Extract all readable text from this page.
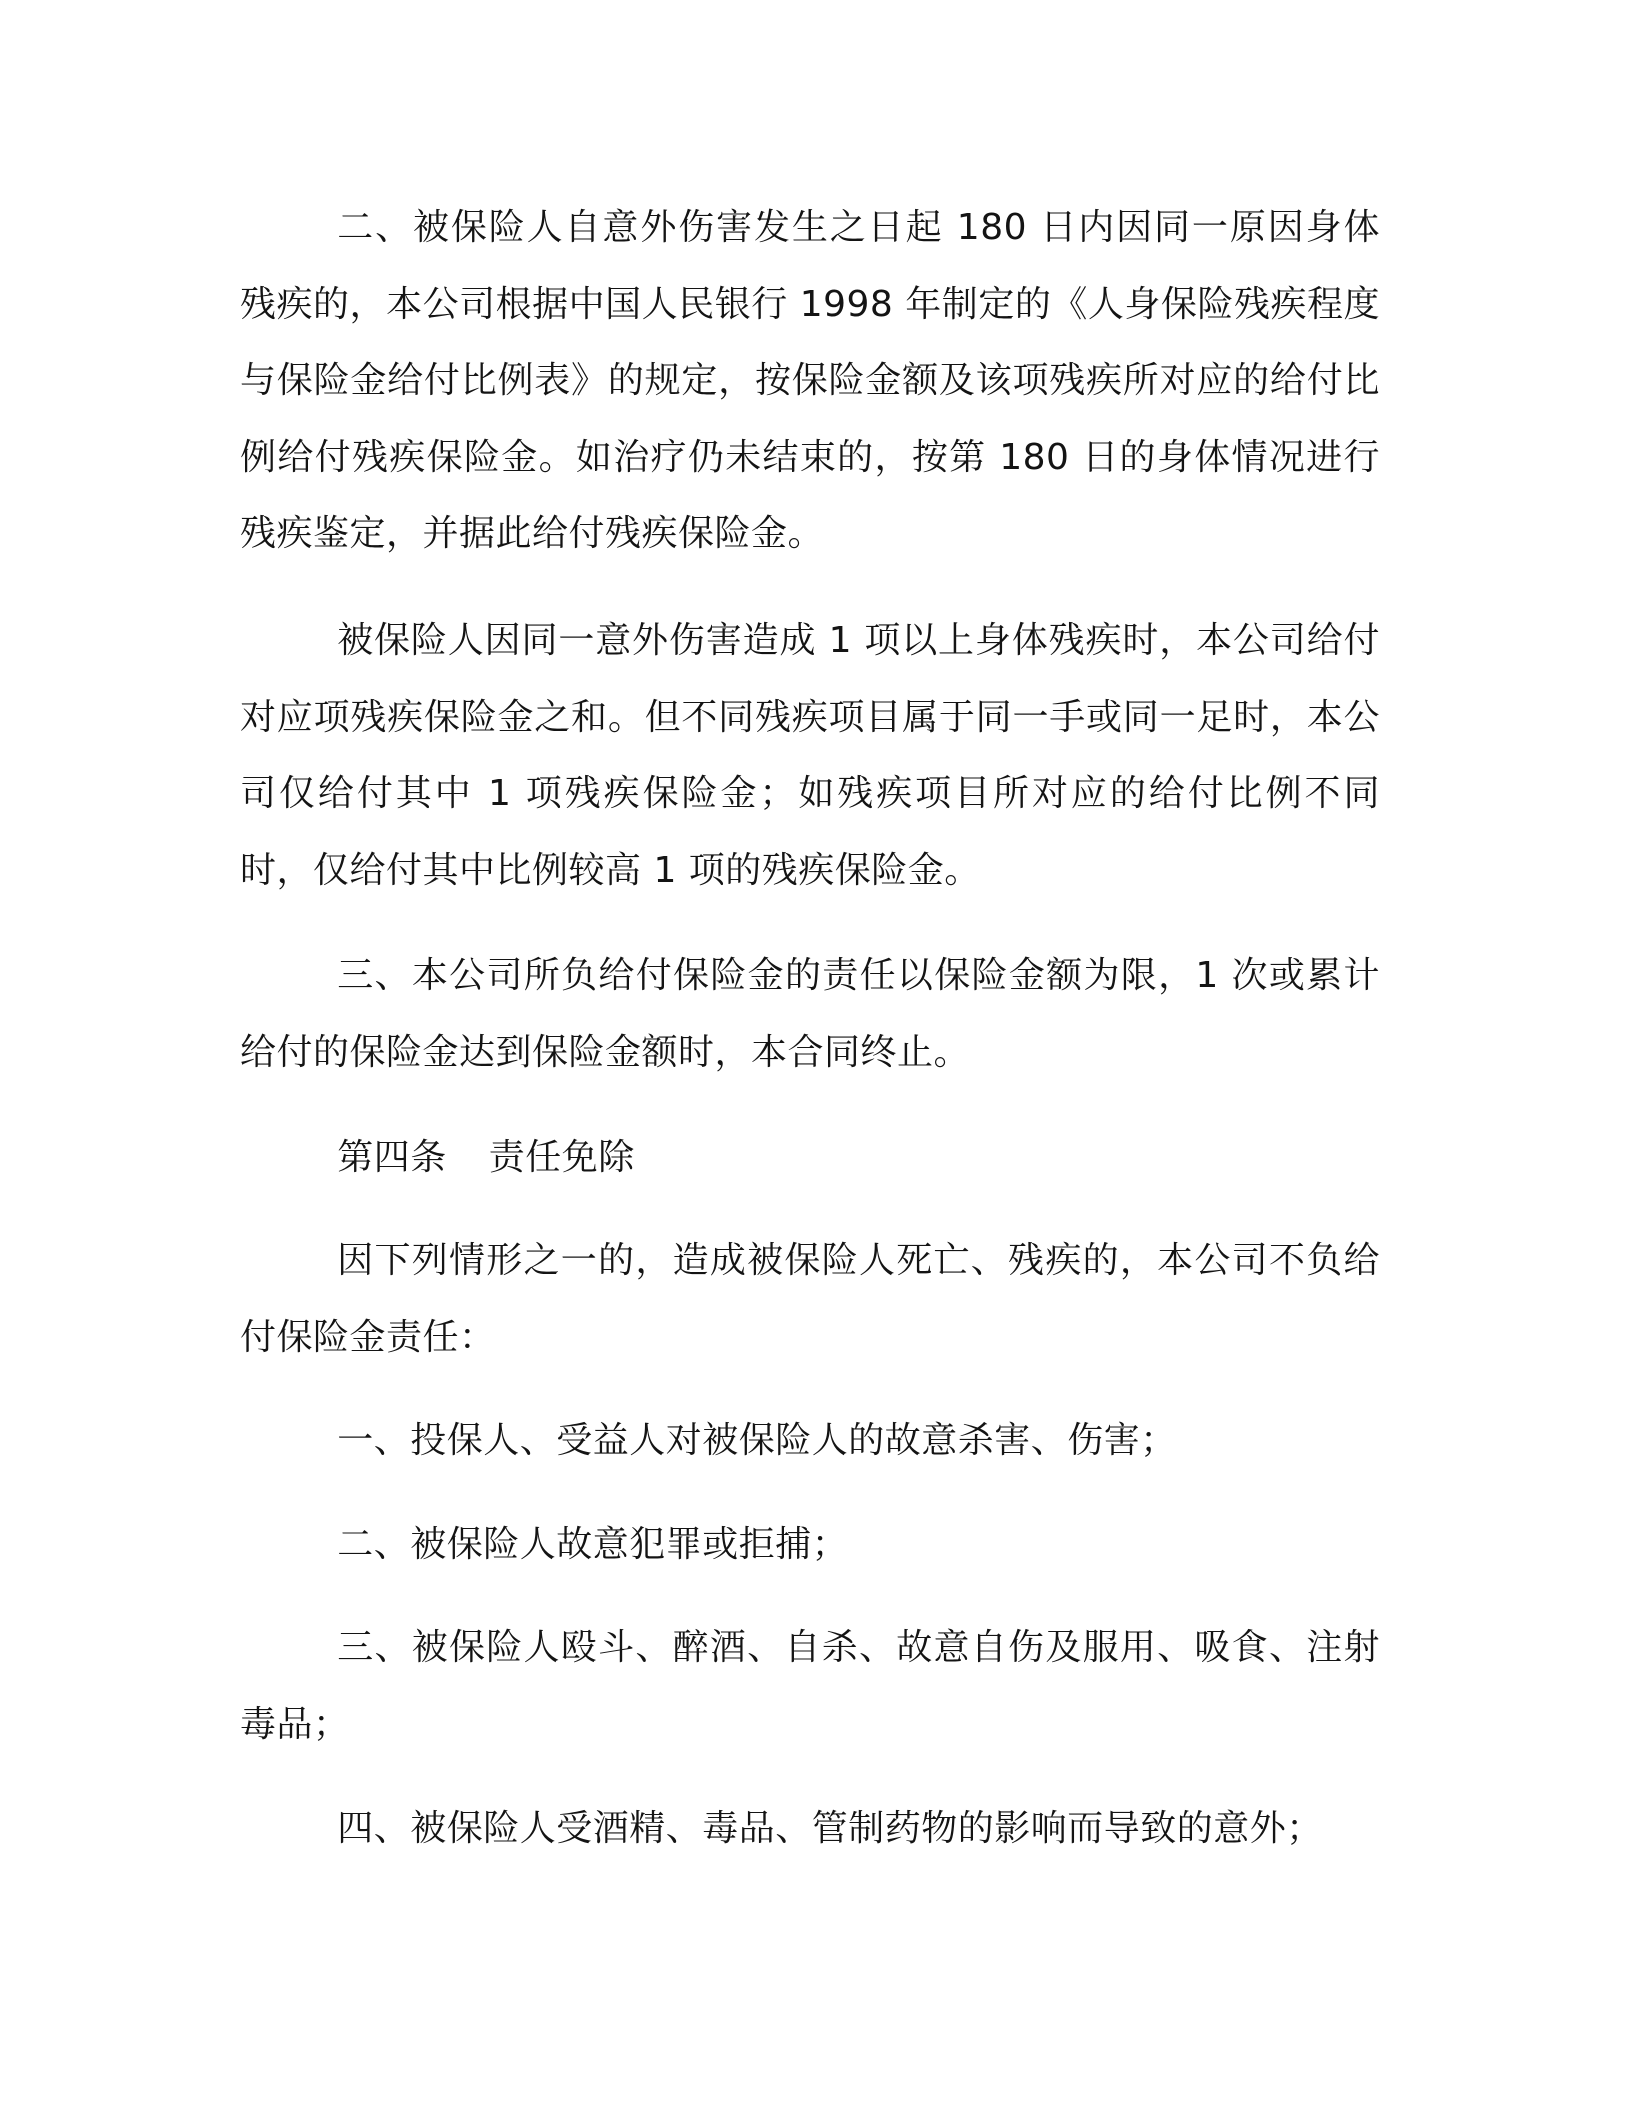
二、被保险人自意外伤害发生之日起 180 日内因同一原因身体残疾的，本公司根据中国人民银行 1998 年制定的《人身保险残疾程度与保险金给付比例表》的规定，按保险金额及该项残疾所对应的给付比例给付残疾保险金。如治疗仍未结束的，按第 180 日的身体情况进行残疾鉴定，并据此给付残疾保险金。

被保险人因同一意外伤害造成 1 项以上身体残疾时，本公司给付对应项残疾保险金之和。但不同残疾项目属于同一手或同一足时，本公司仅给付其中 1 项残疾保险金；如残疾项目所对应的给付比例不同时，仅给付其中比例较高 1 项的残疾保险金。

三、本公司所负给付保险金的责任以保险金额为限，1 次或累计给付的保险金达到保险金额时，本合同终止。

第四条 责任免除

因下列情形之一的，造成被保险人死亡、残疾的，本公司不负给付保险金责任：

一、投保人、受益人对被保险人的故意杀害、伤害；

二、被保险人故意犯罪或拒捕；

三、被保险人殴斗、醉酒、自杀、故意自伤及服用、吸食、注射毒品；

四、被保险人受酒精、毒品、管制药物的影响而导致的意外；
